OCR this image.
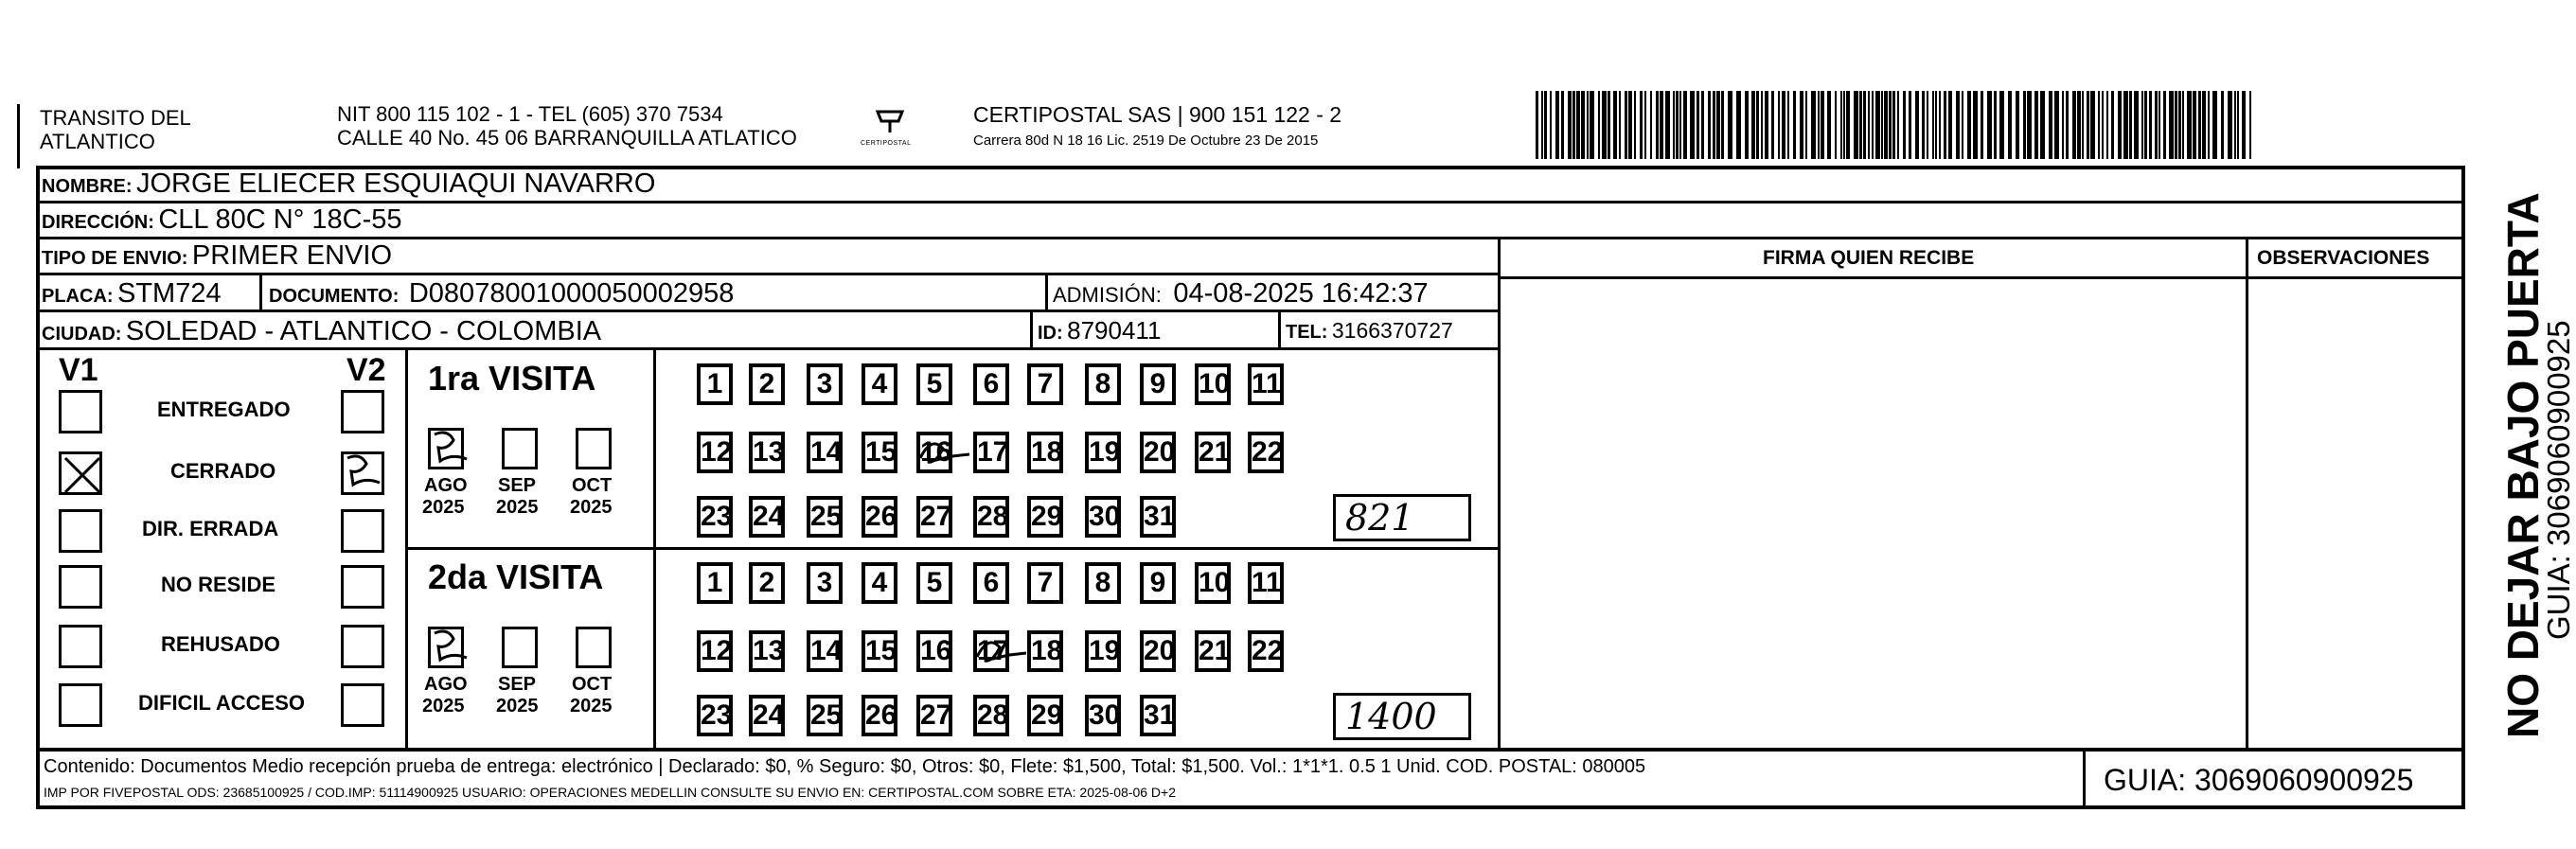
TRANSITO DEL
ATLANTICO
NIT 800 115 102 - 1 - TEL (605) 370 7534
CALLE 40 No. 45 06 BARRANQUILLA ATLATICO	CERTIPOSTAL
CERTIPOSTAL SAS | 900 151 122 - 2
Carrera 80d N 18 16 Lic. 2519 De Octubre 23 De 2015
NOMBRE: JORGE ELIECER ESQUIAQUI NAVARRO
DIRECCIÓN: CLL 80C N° 18C-55
TIPO DE ENVIO: PRIMER ENVIO
PLACA: STM724	DOCUMENTO: D08078001000050002958	ADMISIÓN: 04-08-2025 16:42:37
CIUDAD: SOLEDAD - ATLANTICO - COLOMBIA	ID: 8790411	TEL: 3166370727
FIRMA QUIEN RECIBE	OBSERVACIONES
V1	V2
ENTREGADO
CERRADO
DIR. ERRADA
NO RESIDE
REHUSADO
DIFICIL ACCESO
1ra VISITA
AGO
2025
SEP
2025
OCT
2025
1	2	3	4	5	6	7	8	9	10 11
12 13 14 15 16 17 18 19 20 21 22
23 24 25 26 27 28 29 30 31	821
2da VISITA
AGO
2025
SEP
2025
OCT
2025
1	2	3	4	5	6	7	8	9	10 11
12 13 14 15 16 17 18 19 20 21 22
23 24 25 26 27 28 29 30 31	1400
Contenido: Documentos Medio recepción prueba de entrega: electrónico | Declarado: $0, % Seguro: $0, Otros: $0, Flete: $1,500, Total: $1,500. Vol.: 1*1*1. 0.5 1 Unid. COD. POSTAL: 080005
IMP POR FIVEPOSTAL ODS: 23685100925 / COD.IMP: 51114900925 USUARIO: OPERACIONES MEDELLIN CONSULTE SU ENVIO EN: CERTIPOSTAL.COM SOBRE ETA: 2025-08-06 D+2	GUIA: 3069060900925
NO DEJAR BAJO PUERTA
GUIA: 3069060900925
